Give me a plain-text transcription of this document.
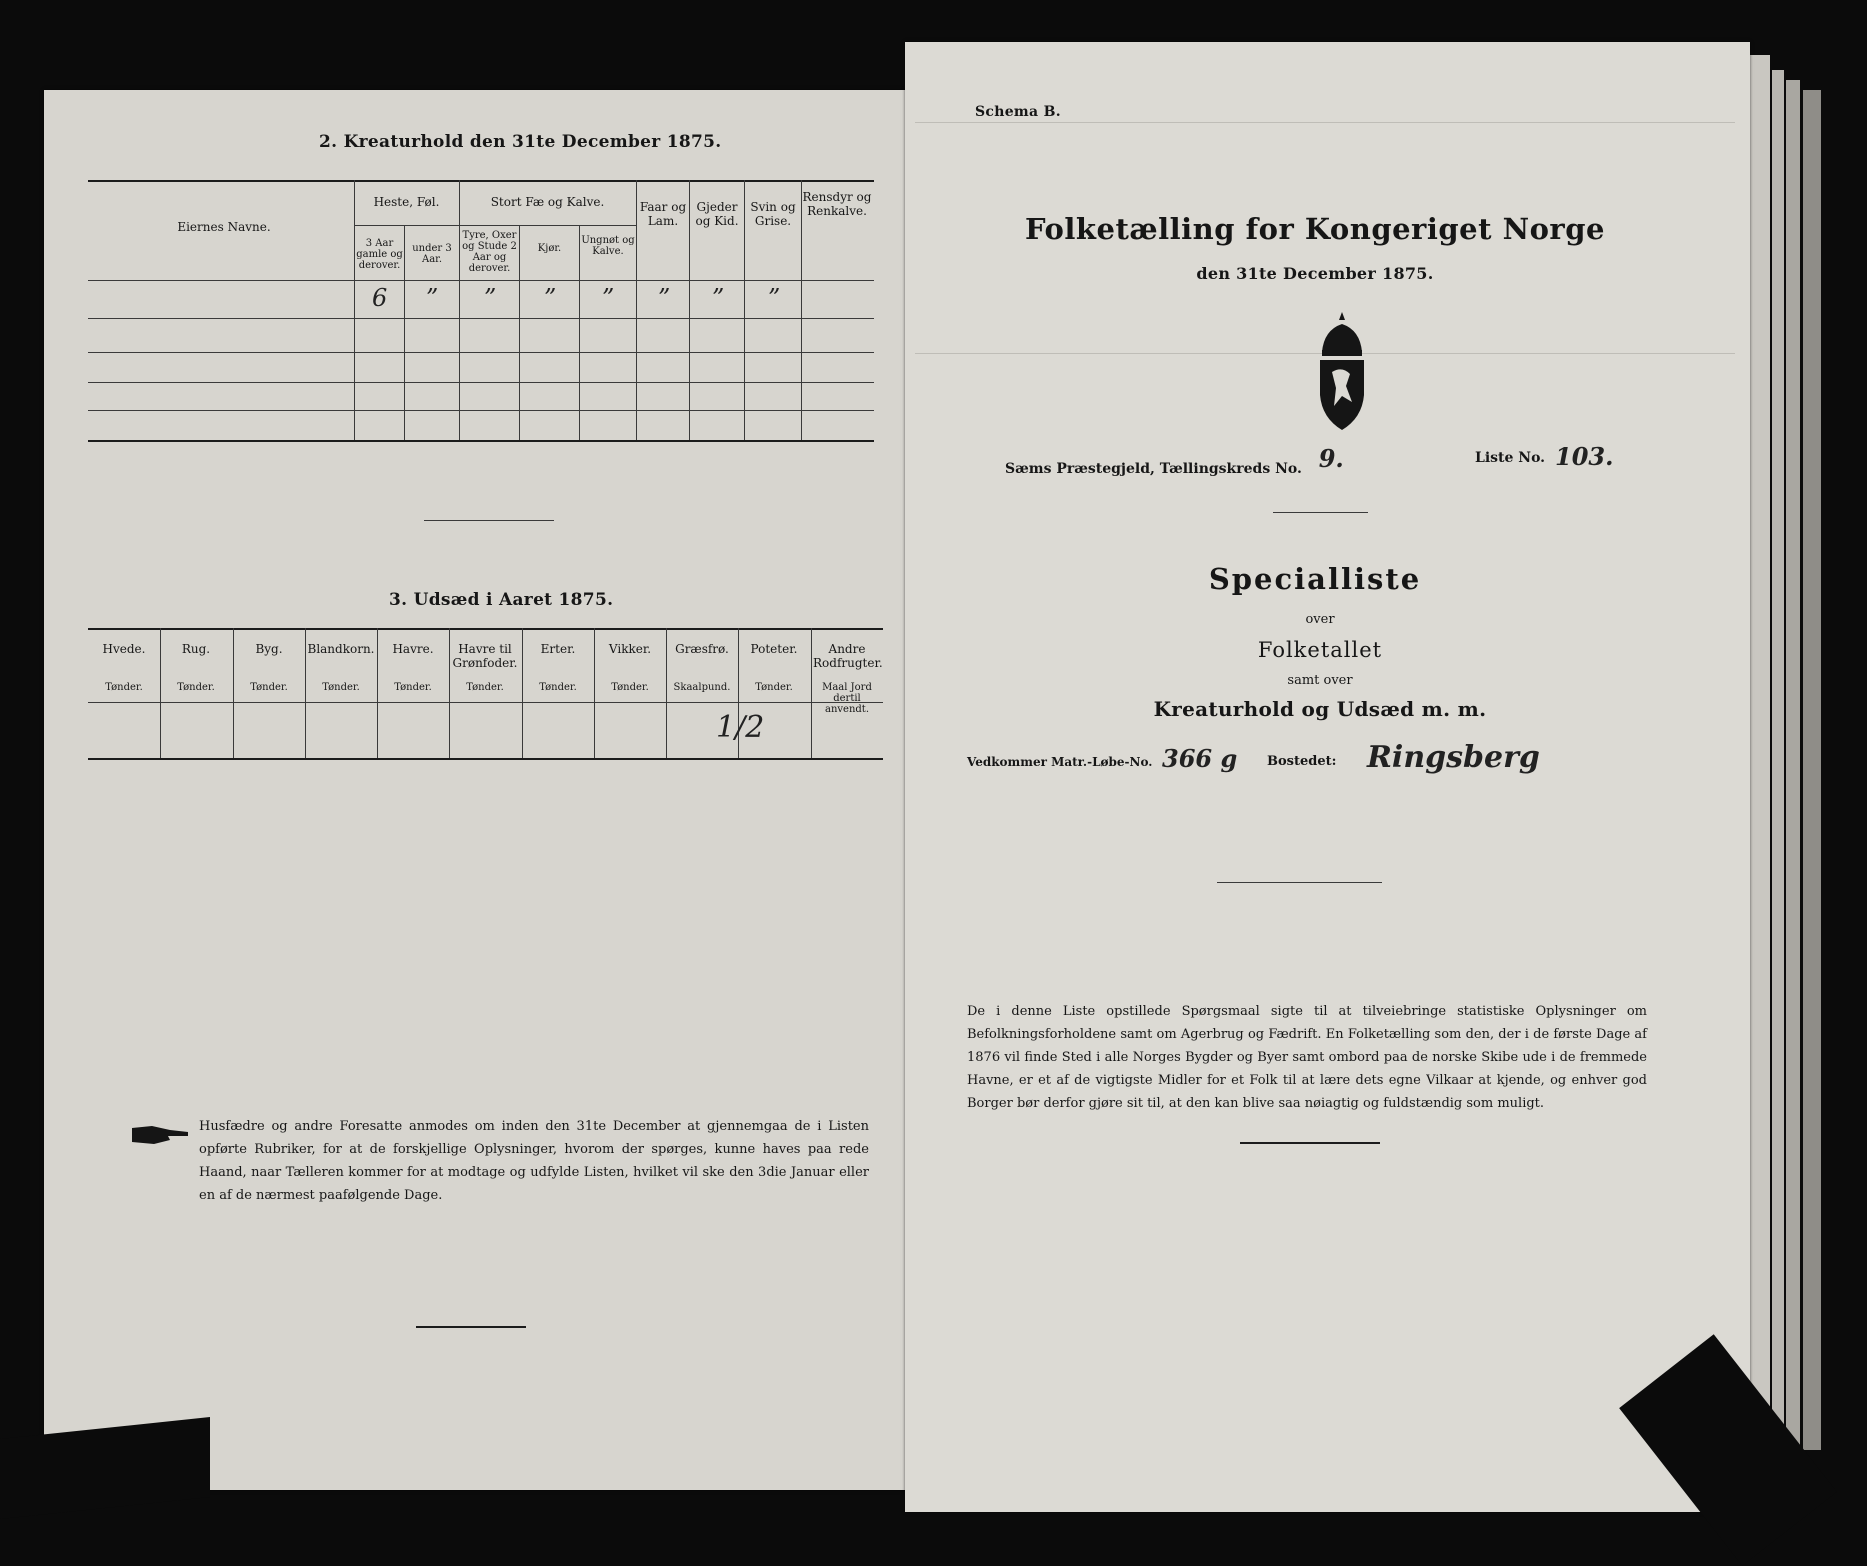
2. Kreaturhold den 31te December 1875.
Eiernes Navne.
Heste, Føl.
3 Aar gamle og derover.
under 3 Aar.
Stort Fæ og Kalve.
Tyre, Oxer og Stude 2 Aar og derover.
Kjør.
Ungnøt og Kalve.
Faar og Lam.
Gjeder og Kid.
Svin og Grise.
Rensdyr og Renkalve.
6 ” ” ” ” ” ” ”
3. Udsæd i Aaret 1875.
Hvede.
Tønder.
Rug.
Tønder.
Byg.
Tønder.
Blandkorn.
Tønder.
Havre.
Tønder.
Havre til Grønfoder.
Tønder.
Erter.
Tønder.
Vikker.
Tønder.
Græsfrø.
Skaalpund.
Poteter.
Tønder.
Andre Rodfrugter.
Maal Jord dertil anvendt.
1/2
Husfædre og andre Foresatte anmodes om inden den 31te December at gjennemgaa de i Listen opførte Rubriker, for at de forskjellige Oplysninger, hvorom der spørges, kunne haves paa rede Haand, naar Tælleren kommer for at modtage og udfylde Listen, hvilket vil ske den 3die Januar eller en af de nærmest paafølgende Dage.
Schema B.
Folketælling for Kongeriget Norge
den 31te December 1875.
Sæms Præstegjeld, Tællingskreds No. 9.	Liste No. 103.
Specialliste
over
Folketallet
samt over
Kreaturhold og Udsæd m. m.
Vedkommer Matr.-Løbe-No. 366 g Bostedet: Ringsberg
De i denne Liste opstillede Spørgsmaal sigte til at tilveiebringe statistiske Oplysninger om Befolkningsforholdene samt om Agerbrug og Fædrift. En Folketælling som den, der i de første Dage af 1876 vil finde Sted i alle Norges Bygder og Byer samt ombord paa de norske Skibe ude i de fremmede Havne, er et af de vigtigste Midler for et Folk til at lære dets egne Vilkaar at kjende, og enhver god Borger bør derfor gjøre sit til, at den kan blive saa nøiagtig og fuldstændig som muligt.
